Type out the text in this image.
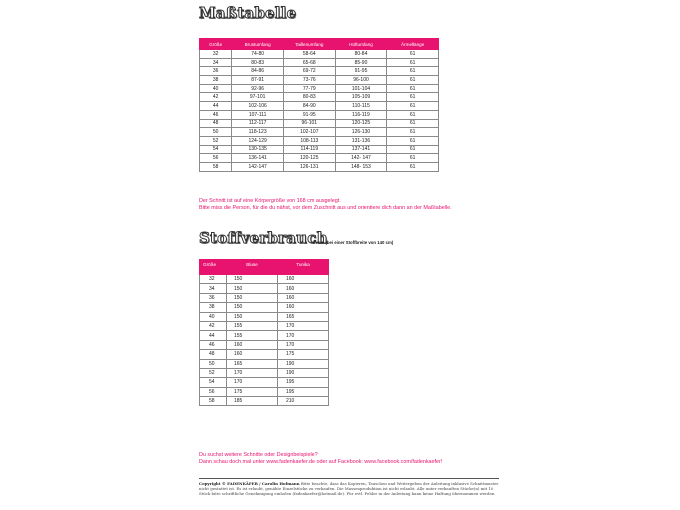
Maßtabelle
Größe	Brustumfang	Taillenumfang	Hüftumfang	Ärmellänge
32	74-80	58-64	80-84	61
34	80-83	65-68	85-90	61
36	84-86	69-72	91-95	61
38	87-91	73-76	96-100	61
40	92-96	77-79	101-104	61
42	97-101	80-83	105-109	61
44	102-106	84-90	110-115	61
46	107-111	91-95	116-119	61
48	112-117	96-101	120-125	61
50	118-123	102-107	126-130	61
52	124-129	108-113	131-136	61
54	130-135	114-119	137-141	61
56	136-141	120-125	142- 147	61
58	142-147	126-131	148- 153	61
Der Schnitt ist auf eine Körpergröße von 168 cm ausgelegt.
Bitte miss die Person, für die du nähst, vor dem Zuschnitt aus und orientiere dich dann an der Maßtabelle.
Stoffverbrauch
in cm (bei einer Stoffbreite von 140 cm)
Größe	Bluse	Tunika
32	150	160
34	150	160
36	150	160
38	150	160
40	150	165
42	155	170
44	155	170
46	160	170
48	160	175
50	165	190
52	170	190
54	170	195
56	175	195
58	185	210
Du suchst weitere Schnitte oder Designbeispiele?
Dann schau doch mal unter www.fadenkaefer.de oder auf Facebook: www.facebook.com/fadenkaefer!
Copyright © FADENKÄFER / Carolin Hofmann Bitte beachte, dass das Kopieren, Tauschen und Weitergeben der Anleitung inklusive Schnittmuster nicht gestattet ist. Es ist erlaubt, genähte Einzelstücke zu verkaufen. Die Massenproduktion ist nicht erlaubt. Alle unter verkauften Stücke(n) mit 10 Stück bitte schriftliche Genehmigung einholen (fadenkaefer@hotmail.de). Für evtl. Fehler in der Anleitung kann keine Haftung übernommen werden.
